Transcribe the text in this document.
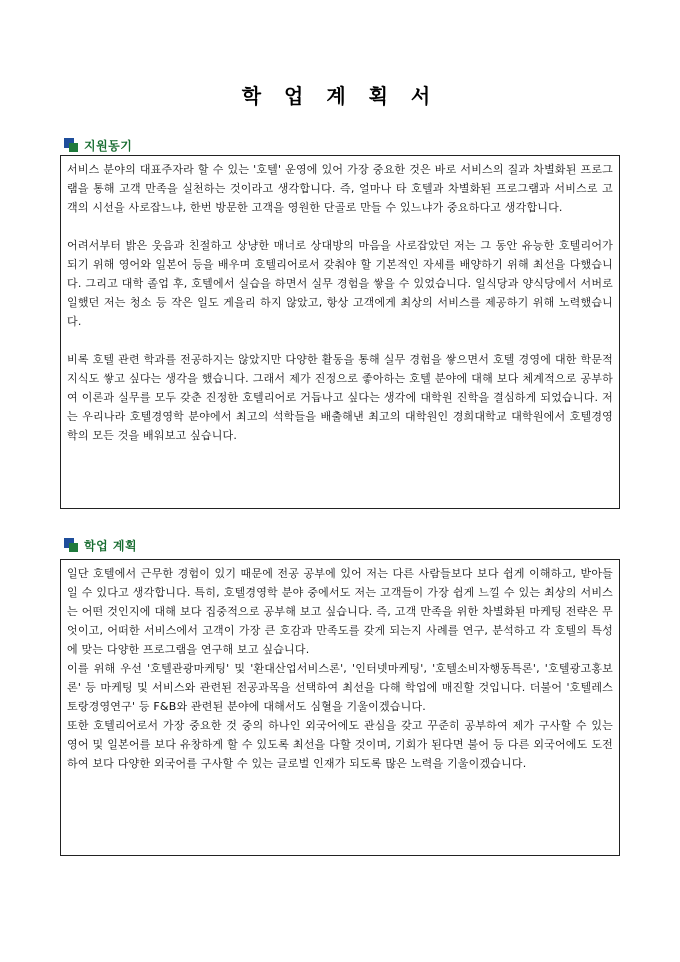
학 업 계 획 서
지원동기

서비스 분야의 대표주자라 할 수 있는 '호텔' 운영에 있어 가장 중요한 것은 바로 서비스의 질과 차별화된 프로그램을 통해 고객 만족을 실천하는 것이라고 생각합니다. 즉, 얼마나 타 호텔과 차별화된 프로그램과 서비스로 고객의 시선을 사로잡느냐, 한번 방문한 고객을 영원한 단골로 만들 수 있느냐가 중요하다고 생각합니다.

어려서부터 밝은 웃음과 친절하고 상냥한 매너로 상대방의 마음을 사로잡았던 저는 그 동안 유능한 호텔리어가 되기 위해 영어와 일본어 등을 배우며 호텔리어로서 갖춰야 할 기본적인 자세를 배양하기 위해 최선을 다했습니다. 그리고 대학 졸업 후, 호텔에서 실습을 하면서 실무 경험을 쌓을 수 있었습니다. 일식당과 양식당에서 서버로 일했던 저는 청소 등 작은 일도 게을리 하지 않았고, 항상 고객에게 최상의 서비스를 제공하기 위해 노력했습니다.

비록 호텔 관련 학과를 전공하지는 않았지만 다양한 활동을 통해 실무 경험을 쌓으면서 호텔 경영에 대한 학문적 지식도 쌓고 싶다는 생각을 했습니다. 그래서 제가 진정으로 좋아하는 호텔 분야에 대해 보다 체계적으로 공부하여 이론과 실무를 모두 갖춘 진정한 호텔리어로 거듭나고 싶다는 생각에 대학원 진학을 결심하게 되었습니다. 저는 우리나라 호텔경영학 분야에서 최고의 석학들을 배출해낸 최고의 대학원인 경희대학교 대학원에서 호텔경영학의 모든 것을 배워보고 싶습니다.

학업 계획

일단 호텔에서 근무한 경험이 있기 때문에 전공 공부에 있어 저는 다른 사람들보다 보다 쉽게 이해하고, 받아들일 수 있다고 생각합니다. 특히, 호텔경영학 분야 중에서도 저는 고객들이 가장 쉽게 느낄 수 있는 최상의 서비스는 어떤 것인지에 대해 보다 집중적으로 공부해 보고 싶습니다. 즉, 고객 만족을 위한 차별화된 마케팅 전략은 무엇이고, 어떠한 서비스에서 고객이 가장 큰 호감과 만족도를 갖게 되는지 사례를 연구, 분석하고 각 호텔의 특성에 맞는 다양한 프로그램을 연구해 보고 싶습니다.

이를 위해 우선 '호텔관광마케팅' 및 '환대산업서비스론', '인터넷마케팅', '호텔소비자행동특론', '호텔광고홍보론' 등 마케팅 및 서비스와 관련된 전공과목을 선택하여 최선을 다해 학업에 매진할 것입니다. 더불어 '호텔레스토랑경영연구' 등 F&B와 관련된 분야에 대해서도 심혈을 기울이겠습니다.

또한 호텔리어로서 가장 중요한 것 중의 하나인 외국어에도 관심을 갖고 꾸준히 공부하여 제가 구사할 수 있는 영어 및 일본어를 보다 유창하게 할 수 있도록 최선을 다할 것이며, 기회가 된다면 불어 등 다른 외국어에도 도전하여 보다 다양한 외국어를 구사할 수 있는 글로벌 인재가 되도록 많은 노력을 기울이겠습니다.
